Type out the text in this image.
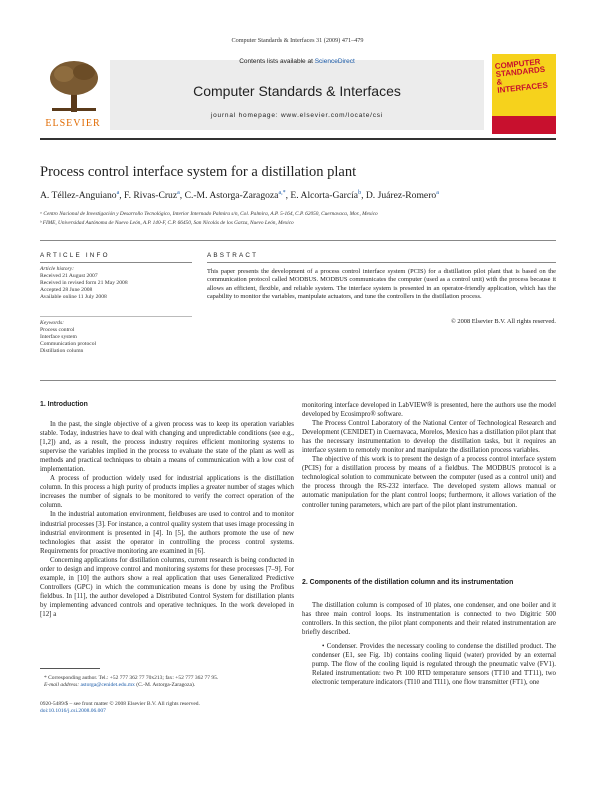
Computer Standards & Interfaces 31 (2009) 471–479
ELSEVIER
Contents lists available at ScienceDirect
Computer Standards & Interfaces
journal homepage: www.elsevier.com/locate/csi
COMPUTER STANDARDS & INTERFACES
Process control interface system for a distillation plant
A. Téllez-Anguiano$^a$, F. Rivas-Cruz$^a$, C.-M. Astorga-Zaragoza$^{a,*}$, E. Alcorta-García$^b$, D. Juárez-Romero$^a$
ᵃ Centro Nacional de Investigación y Desarrollo Tecnológico, Interior Internado Palmira s/n, Col. Palmira, A.P. 5-164, C.P. 62050, Cuernavaca, Mor., Mexico
ᵇ FIME, Universidad Autónoma de Nuevo León, A.P. 140-F, C.P. 66450, San Nicolás de los Garza, Nuevo León, Mexico
ARTICLE INFO
Article history:
Received 21 August 2007
Received in revised form 21 May 2008
Accepted 28 June 2008
Available online 11 July 2008
Keywords:
Process control
Interface system
Communication protocol
Distillation column
ABSTRACT
This paper presents the development of a process control interface system (PCIS) for a distillation pilot plant that is based on the communication protocol called MODBUS. MODBUS communicates the computer (used as a control unit) with the process because it allows an efficient, flexible, and reliable system. The interface system is presented in an operator-friendly application, which has the capability to monitor the variables, manipulate actuators, and tune the controllers in the distillation process.
© 2008 Elsevier B.V. All rights reserved.
1. Introduction

In the past, the single objective of a given process was to keep its operation variables stable. Today, industries have to deal with changing and unpredictable conditions (see e.g., [1,2]) and, as a result, the process industry requires efficient monitoring systems to supervise the variables implied in the process to evaluate the state of the plant as well as methods and practical techniques to obtain a means of communication with a low cost of implementation.

A process of production widely used for industrial applications is the distillation column. In this process a high purity of products implies a greater number of stages which increases the number of signals to be monitored to verify the correct operation of the column.

In the industrial automation environment, fieldbuses are used to control and to monitor industrial processes [3]. For instance, a control quality system that uses image processing in industrial environment is presented in [4]. In [5], the authors promote the use of new technologies that assist the operator in controlling the process control systems. Requirements for proactive monitoring are examined in [6].

Concerning applications for distillation columns, current research is being conducted in order to design and improve control and monitoring systems for these processes [7–9]. For example, in [10] the authors show a real application that uses Generalized Predictive Controllers (GPC) in which the communication means is done by using the Profibus fieldbus. In [11], the author developed a Distributed Control System for distillation plants by implementing advanced controls and operative techniques. In the work developed in [12] a

* Corresponding author. Tel.: +52 777 362 77 70x213; fax: +52 777 362 77 95.
E-mail address: astorga@cenidet.edu.mx (C.-M. Astorga-Zaragoza).
0920-5489/$ – see front matter © 2008 Elsevier B.V. All rights reserved.
doi:10.1016/j.csi.2008.06.007

monitoring interface developed in LabVIEW® is presented, here the authors use the model developed by Ecosimpro® software.

The Process Control Laboratory of the National Center of Technological Research and Development (CENIDET) in Cuernavaca, Morelos, Mexico has a distillation pilot plant that has the necessary instrumentation to develop the distillation tasks, but it requires an interface system to remotely monitor and manipulate the distillation process variables.

The objective of this work is to present the design of a process control interface system (PCIS) for a distillation process by means of a fieldbus. The MODBUS protocol is a technological solution to communicate between the computer (used as a control unit) and the process through the RS-232 interface. The developed system allows manual or automatic manipulation for the plant control loops; furthermore, it allows variation of the controller tuning parameters, which are part of the pilot plant instrumentation.

2. Components of the distillation column and its instrumentation

The distillation column is composed of 10 plates, one condenser, and one boiler and it has three main control loops. Its instrumentation is connected to two Digitric 500 controllers. In this section, the pilot plant components and their related instrumentation are briefly described.

• Condenser. Provides the necessary cooling to condense the distilled product. The condenser (E1, see Fig. 1b) contains cooling liquid (water) provided by an external pump. The flow of the cooling liquid is regulated through the pneumatic valve (FV1). Related instrumentation: two Pt 100 RTD temperature sensors (TT10 and TT11), two electronic temperature indicators (TI10 and TI11), one flow transmitter (FT1), one
